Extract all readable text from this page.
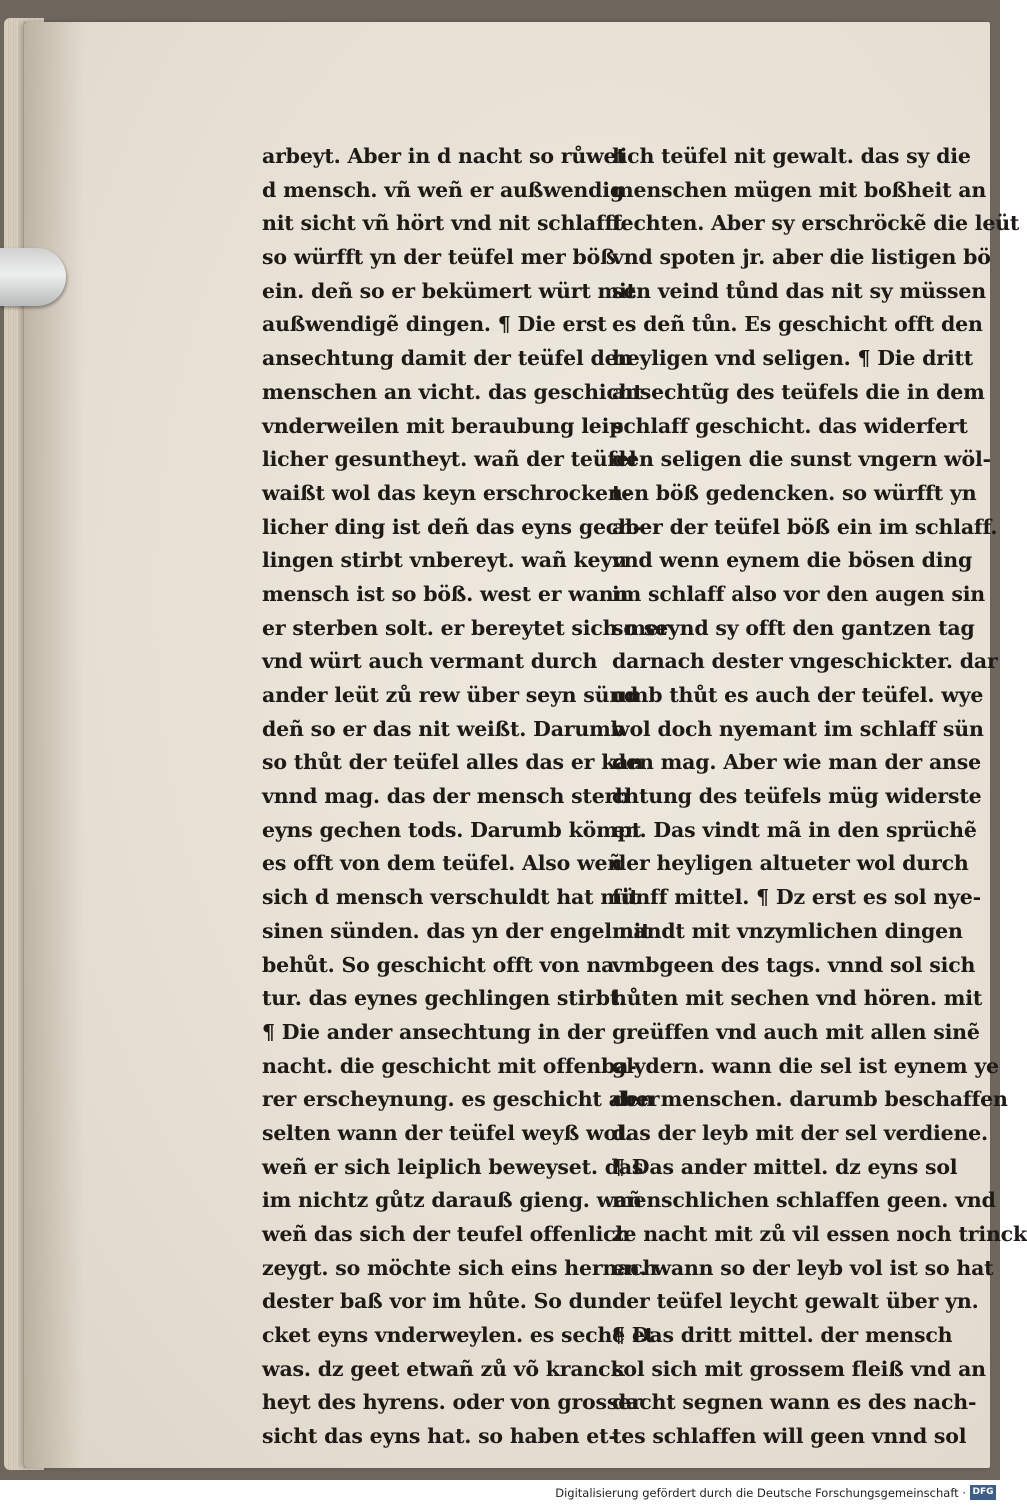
arbeyt. Aber in d nacht so růwet
d mensch. vñ weñ er außwendig
nit sicht vñ hört vnd nit schlafft
so würfft yn der teüfel mer böß
ein. deñ so er bekümert würt mit
außwendigẽ dingen. ¶ Die erst
ansechtung damit der teüfel den
menschen an vicht. das geschicht
vnderweilen mit beraubung leip
licher gesuntheyt. wañ der teüfel
waißt wol das keyn erschrocken-
licher ding ist deñ das eyns gech-
lingen stirbt vnbereyt. wañ keyn
mensch ist so böß. west er wann
er sterben solt. er bereytet sich mer
vnd würt auch vermant durch
ander leüt zů rew über seyn sünd
deñ so er das nit weißt. Darumb
so thůt der teüfel alles das er kan
vnnd mag. das der mensch sterb
eyns gechen tods. Darumb kömpt
es offt von dem teüfel. Also weñ
sich d mensch verschuldt hat mit
sinen sünden. das yn der engel nit
behůt. So geschicht offt von na
tur. das eynes gechlingen stirbt.
¶ Die ander ansechtung in der
nacht. die geschicht mit offenba-
rer erscheynung. es geschicht aber
selten wann der teüfel weyß wol.
weñ er sich leiplich beweyset. das
im nichtz gůtz darauß gieng. wañ
weñ das sich der teufel offenlich
zeygt. so möchte sich eins hernach
dester baß vor im hůte. So dun
cket eyns vnderweylen. es seche et
was. dz geet etwañ zů võ kranck
heyt des hyrens. oder von grosser
sicht das eyns hat. so haben et-
lich teüfel nit gewalt. das sy die
menschen mügen mit boßheit an
fechten. Aber sy erschröckẽ die leüt
vnd spoten jr. aber die listigen bö
sen veind tůnd das nit sy müssen
es deñ tůn. Es geschicht offt den
heyligen vnd seligen. ¶ Die dritt
ansechtũg des teüfels die in dem
schlaff geschicht. das widerfert
den seligen die sunst vngern wöl-
ten böß gedencken. so würfft yn
aber der teüfel böß ein im schlaff.
vnd wenn eynem die bösen ding
im schlaff also vor den augen sin
so seynd sy offt den gantzen tag
darnach dester vngeschickter. dar
umb thůt es auch der teüfel. wye
wol doch nyemant im schlaff sün
den mag. Aber wie man der anse
chtung des teüfels müg widerste
en. Das vindt mã in den sprüchẽ
der heyligen altueter wol durch
fünff mittel. ¶ Dz erst es sol nye-
mandt mit vnzymlichen dingen
vmbgeen des tags. vnnd sol sich
hůten mit sechen vnd hören. mit
greüffen vnd auch mit allen sinẽ
glydern. wann die sel ist eynem ye
den menschen. darumb beschaffen
das der leyb mit der sel verdiene.
¶ Das ander mittel. dz eyns sol
menschlichen schlaffen geen. vnd
ze nacht mit zů vil essen noch trinck
en. wann so der leyb vol ist so hat
der teüfel leycht gewalt über yn.
¶ Das dritt mittel. der mensch
sol sich mit grossem fleiß vnd an
dacht segnen wann es des nach-
tes schlaffen will geen vnnd sol
Digitalisierung gefördert durch die Deutsche Forschungsgemeinschaft · DFG
